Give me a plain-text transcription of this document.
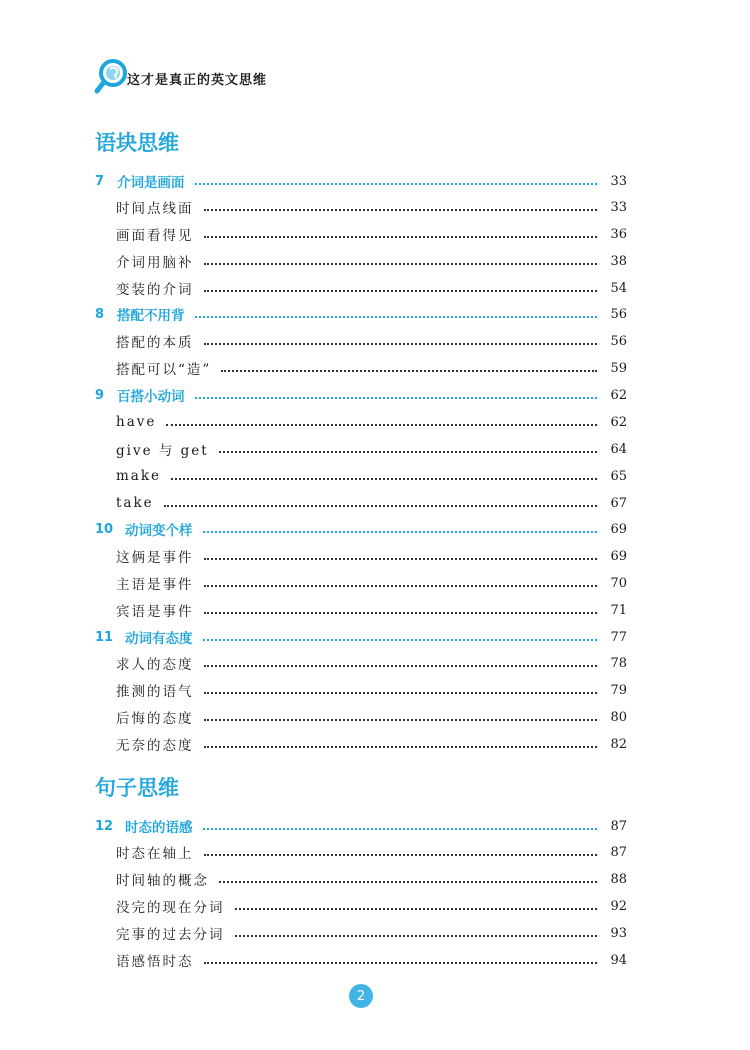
这才是真正的英文思维
语块思维
7 介词是画面	33
时间点线面	33
画面看得见	36
介词用脑补	38
变装的介词	54
8 搭配不用背	56
搭配的本质	56
搭配可以“造”	59
9 百搭小动词	62
have	62
give 与 get	64
make	65
take	67
10 动词变个样	69
这俩是事件	69
主语是事件	70
宾语是事件	71
11 动词有态度	77
求人的态度	78
推测的语气	79
后悔的态度	80
无奈的态度	82
句子思维
12 时态的语感	87
时态在轴上	87
时间轴的概念	88
没完的现在分词	92
完事的过去分词	93
语感悟时态	94
2
